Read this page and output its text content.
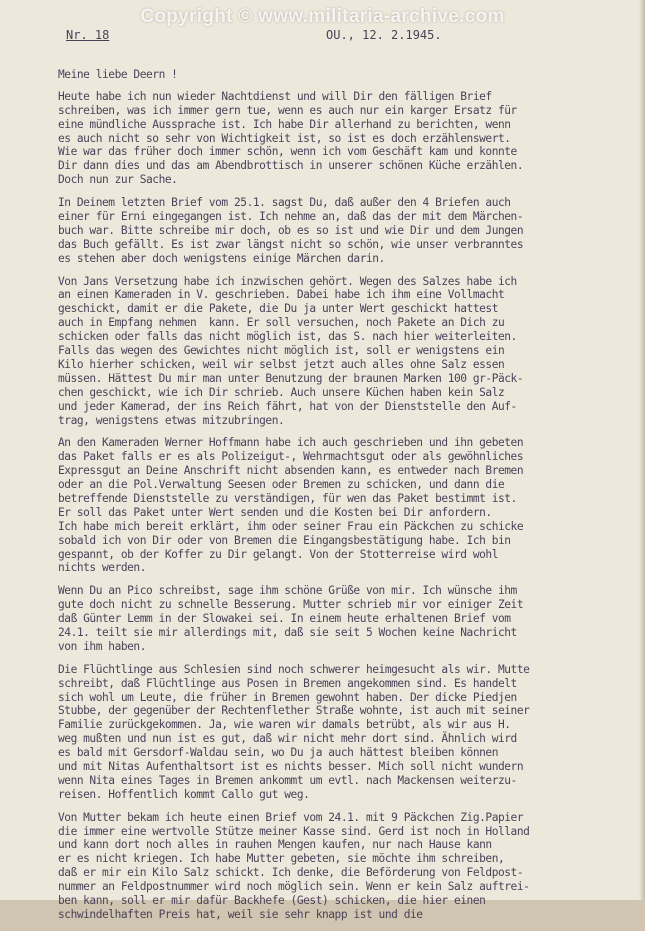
Copyright © www.militaria-archive.com
Nr. 18	OU., 12. 2.1945.
Meine liebe Deern !
Heute habe ich nun wieder Nachtdienst und will Dir den fälligen Brief
schreiben, was ich immer gern tue, wenn es auch nur ein karger Ersatz für
eine mündliche Aussprache ist. Ich habe Dir allerhand zu berichten, wenn
es auch nicht so sehr von Wichtigkeit ist, so ist es doch erzählenswert.
Wie war das früher doch immer schön, wenn ich vom Geschäft kam und konnte
Dir dann dies und das am Abendbrottisch in unserer schönen Küche erzählen.
Doch nun zur Sache.
In Deinem letzten Brief vom 25.1. sagst Du, daß außer den 4 Briefen auch
einer für Erni eingegangen ist. Ich nehme an, daß das der mit dem Märchen-
buch war. Bitte schreibe mir doch, ob es so ist und wie Dir und dem Jungen
das Buch gefällt. Es ist zwar längst nicht so schön, wie unser verbranntes
es stehen aber doch wenigstens einige Märchen darin.
Von Jans Versetzung habe ich inzwischen gehört. Wegen des Salzes habe ich
an einen Kameraden in V. geschrieben. Dabei habe ich ihm eine Vollmacht
geschickt, damit er die Pakete, die Du ja unter Wert geschickt hattest
auch in Empfang nehmen  kann. Er soll versuchen, noch Pakete an Dich zu
schicken oder falls das nicht möglich ist, das S. nach hier weiterleiten.
Falls das wegen des Gewichtes nicht möglich ist, soll er wenigstens ein
Kilo hierher schicken, weil wir selbst jetzt auch alles ohne Salz essen
müssen. Hättest Du mir man unter Benutzung der braunen Marken 100 gr-Päck-
chen geschickt, wie ich Dir schrieb. Auch unsere Küchen haben kein Salz
und jeder Kamerad, der ins Reich fährt, hat von der Dienststelle den Auf-
trag, wenigstens etwas mitzubringen.
An den Kameraden Werner Hoffmann habe ich auch geschrieben und ihn gebeten
das Paket falls er es als Polizeigut-, Wehrmachtsgut oder als gewöhnliches
Expressgut an Deine Anschrift nicht absenden kann, es entweder nach Bremen
oder an die Pol.Verwaltung Seesen oder Bremen zu schicken, und dann die
betreffende Dienststelle zu verständigen, für wen das Paket bestimmt ist.
Er soll das Paket unter Wert senden und die Kosten bei Dir anfordern.
Ich habe mich bereit erklärt, ihm oder seiner Frau ein Päckchen zu schicke
sobald ich von Dir oder von Bremen die Eingangsbestätigung habe. Ich bin
gespannt, ob der Koffer zu Dir gelangt. Von der Stotterreise wird wohl
nichts werden.
Wenn Du an Pico schreibst, sage ihm schöne Grüße von mir. Ich wünsche ihm
gute doch nicht zu schnelle Besserung. Mutter schrieb mir vor einiger Zeit
daß Günter Lemm in der Slowakei sei. In einem heute erhaltenen Brief vom
24.1. teilt sie mir allerdings mit, daß sie seit 5 Wochen keine Nachricht
von ihm haben.
Die Flüchtlinge aus Schlesien sind noch schwerer heimgesucht als wir. Mutte
schreibt, daß Flüchtlinge aus Posen in Bremen angekommen sind. Es handelt
sich wohl um Leute, die früher in Bremen gewohnt haben. Der dicke Piedjen
Stubbe, der gegenüber der Rechtenflether Straße wohnte, ist auch mit seiner
Familie zurückgekommen. Ja, wie waren wir damals betrübt, als wir aus H.
weg mußten und nun ist es gut, daß wir nicht mehr dort sind. Ähnlich wird
es bald mit Gersdorf-Waldau sein, wo Du ja auch hättest bleiben können
und mit Nitas Aufenthaltsort ist es nichts besser. Mich soll nicht wundern
wenn Nita eines Tages in Bremen ankommt um evtl. nach Mackensen weiterzu-
reisen. Hoffentlich kommt Callo gut weg.
Von Mutter bekam ich heute einen Brief vom 24.1. mit 9 Päckchen Zig.Papier
die immer eine wertvolle Stütze meiner Kasse sind. Gerd ist noch in Holland
und kann dort noch alles in rauhen Mengen kaufen, nur nach Hause kann
er es nicht kriegen. Ich habe Mutter gebeten, sie möchte ihm schreiben,
daß er mir ein Kilo Salz schickt. Ich denke, die Beförderung von Feldpost-
nummer an Feldpostnummer wird noch möglich sein. Wenn er kein Salz auftrei-
ben kann, soll er mir dafür Backhefe (Gest) schicken, die hier einen
schwindelhaften Preis hat, weil sie sehr knapp ist und die
